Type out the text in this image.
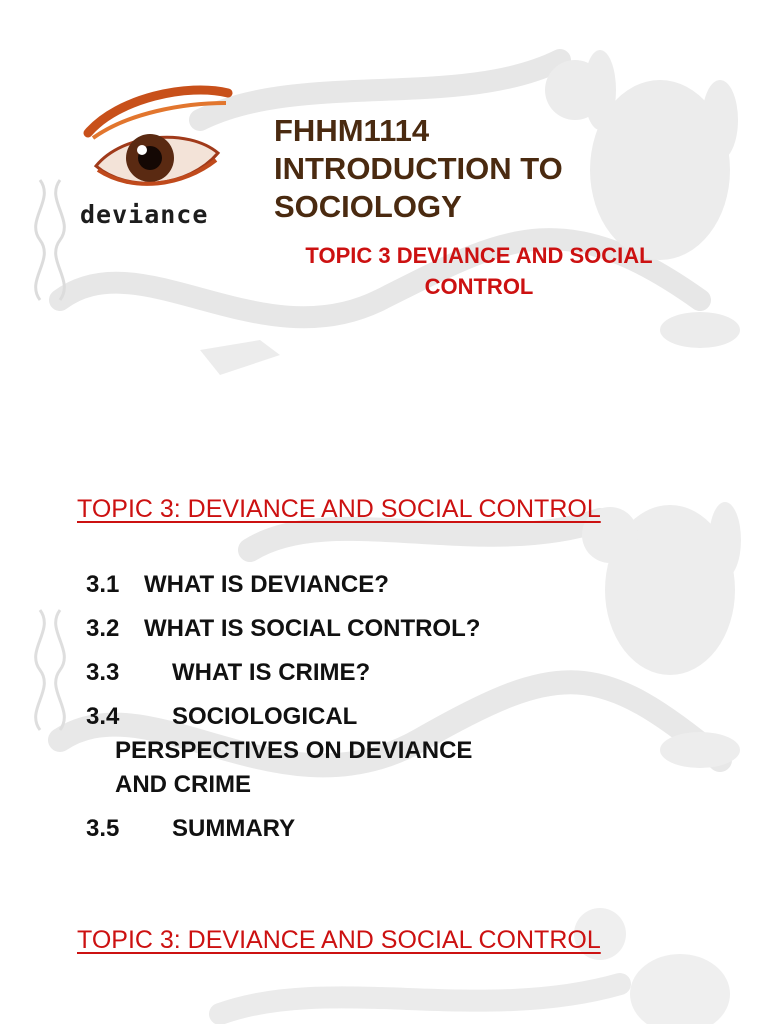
deviance
FHHM1114
INTRODUCTION TO
SOCIOLOGY
TOPIC 3 DEVIANCE AND SOCIAL
CONTROL
TOPIC 3: DEVIANCE AND SOCIAL CONTROL
3.1 WHAT IS DEVIANCE?
3.2 WHAT IS SOCIAL CONTROL?
3.3 WHAT IS CRIME?
3.4 SOCIOLOGICAL
PERSPECTIVES ON DEVIANCE
AND CRIME
3.5 SUMMARY
TOPIC 3: DEVIANCE AND SOCIAL CONTROL
